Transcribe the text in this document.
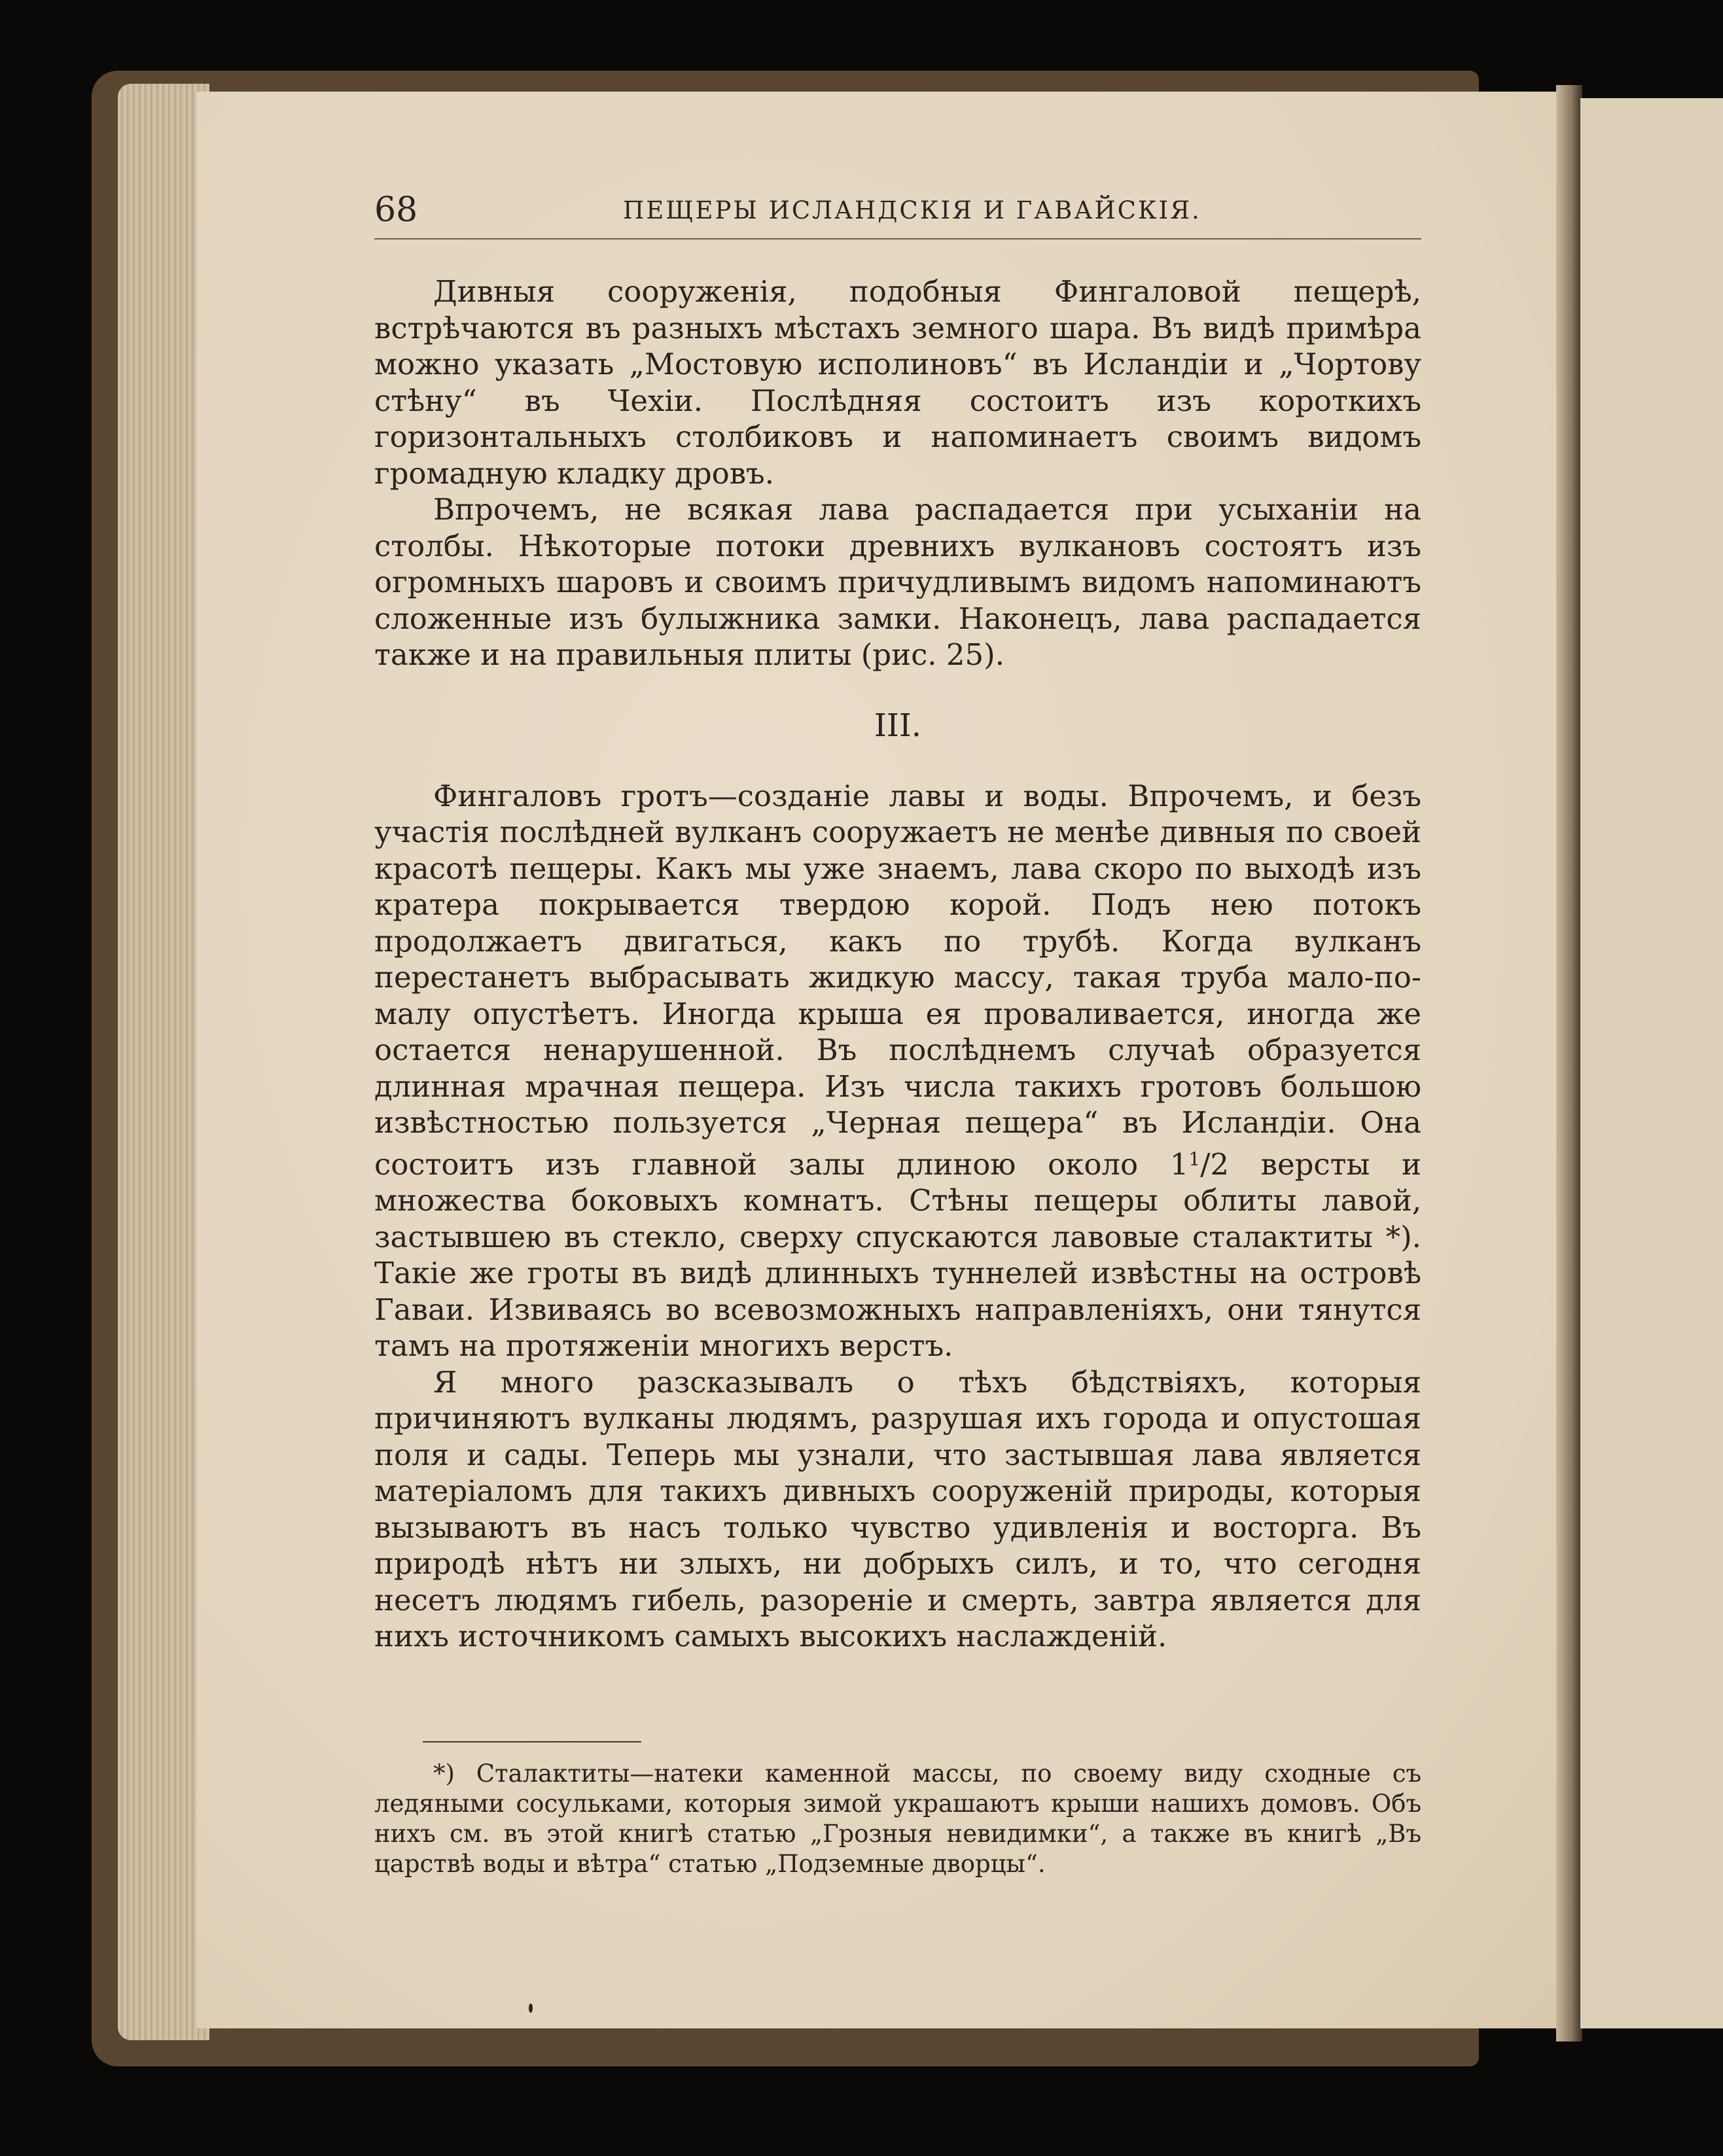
68	ПЕЩЕРЫ ИСЛАНДСКІЯ И ГАВАЙСКІЯ.

Дивныя сооруженія, подобныя Фингаловой пещерѣ, встрѣчаются въ разныхъ мѣстахъ земного шара. Въ видѣ примѣра можно указать „Мостовую исполиновъ“ въ Исландіи и „Чортову стѣну“ въ Чехіи. Послѣдняя состоитъ изъ короткихъ горизонтальныхъ столбиковъ и напоминаетъ своимъ видомъ громадную кладку дровъ.

Впрочемъ, не всякая лава распадается при усыханіи на столбы. Нѣкоторые потоки древнихъ вулкановъ состоятъ изъ огромныхъ шаровъ и своимъ причудливымъ видомъ напоминаютъ сложенные изъ булыжника замки. Наконецъ, лава распадается также и на правильныя плиты (рис. 25).

III.

Фингаловъ гротъ—созданіе лавы и воды. Впрочемъ, и безъ участія послѣдней вулканъ сооружаетъ не менѣе дивныя по своей красотѣ пещеры. Какъ мы уже знаемъ, лава скоро по выходѣ изъ кратера покрывается твердою корой. Подъ нею потокъ продолжаетъ двигаться, какъ по трубѣ. Когда вулканъ перестанетъ выбрасывать жидкую массу, такая труба мало-по-малу опустѣетъ. Иногда крыша ея проваливается, иногда же остается ненарушенной. Въ послѣднемъ случаѣ образуется длинная мрачная пещера. Изъ числа такихъ гротовъ большою извѣстностью пользуется „Черная пещера“ въ Исландіи. Она состоитъ изъ главной залы длиною около $1^1/2$ версты и множества боковыхъ комнатъ. Стѣны пещеры облиты лавой, застывшею въ стекло, сверху спускаются лавовые сталактиты *). Такіе же гроты въ видѣ длинныхъ туннелей извѣстны на островѣ Гаваи. Извиваясь во всевозможныхъ направленіяхъ, они тянутся тамъ на протяженіи многихъ верстъ.

Я много разсказывалъ о тѣхъ бѣдствіяхъ, которыя причиняютъ вулканы людямъ, разрушая ихъ города и опустошая поля и сады. Теперь мы узнали, что застывшая лава является матеріаломъ для такихъ дивныхъ сооруженій природы, которыя вызываютъ въ насъ только чувство удивленія и восторга. Въ природѣ нѣтъ ни злыхъ, ни добрыхъ силъ, и то, что сегодня несетъ людямъ гибель, разореніе и смерть, завтра является для нихъ источникомъ самыхъ высокихъ наслажденій.

*) Сталактиты—натеки каменной массы, по своему виду сходные съ ледяными сосульками, которыя зимой украшаютъ крыши нашихъ домовъ. Объ нихъ см. въ этой книгѣ статью „Грозныя невидимки“, а также въ книгѣ „Въ царствѣ воды и вѣтра“ статью „Подземные дворцы“.
